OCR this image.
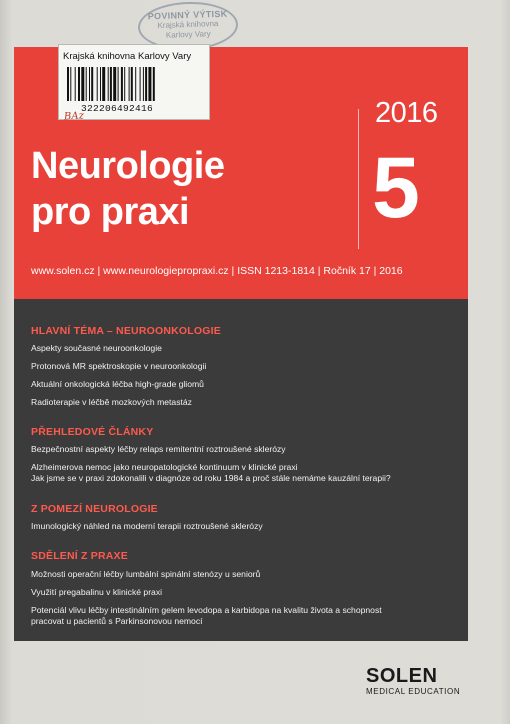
POVINNÝ VÝTISK
Krajská knihovna
Karlovy Vary
Neurologie
pro praxi
2016
5
www.solen.cz | www.neurologiepropraxi.cz | ISSN 1213-1814 | Ročník 17 | 2016
HLAVNÍ TÉMA – NEUROONKOLOGIE
Aspekty současné neuroonkologie
Protonová MR spektroskopie v neuroonkologii
Aktuální onkologická léčba high-grade gliomů
Radioterapie v léčbě mozkových metastáz
PŘEHLEDOVÉ ČLÁNKY
Bezpečnostní aspekty léčby relaps remitentní roztroušené sklerózy
Alzheimerova nemoc jako neuropatologické kontinuum v klinické praxi
Jak jsme se v praxi zdokonalili v diagnóze od roku 1984 a proč stále nemáme kauzální terapii?
Z POMEZÍ NEUROLOGIE
Imunologický náhled na moderní terapii roztroušené sklerózy
SDĚLENÍ Z PRAXE
Možnosti operační léčby lumbální spinální stenózy u seniorů
Využití pregabalinu v klinické praxi
Potenciál vlivu léčby intestinálním gelem levodopa a karbidopa na kvalitu života a schopnost
pracovat u pacientů s Parkinsonovou nemocí
Krajská knihovna Karlovy Vary
322206492416
BAz
SOLEN
MEDICAL EDUCATION
